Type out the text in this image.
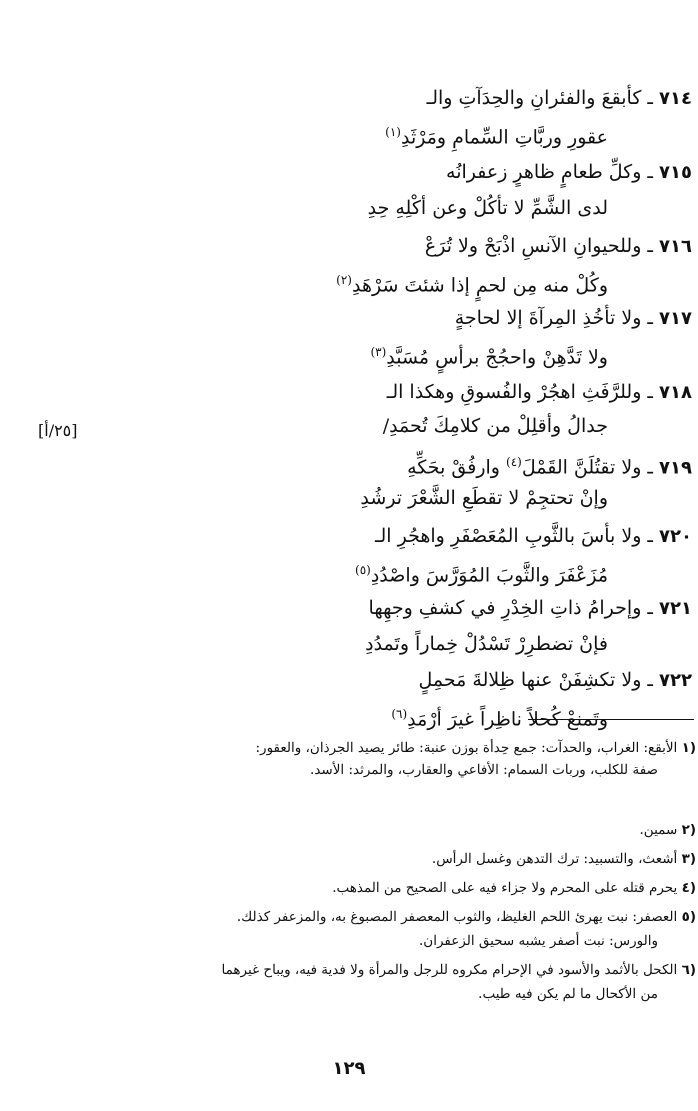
٧١٤ ـ كأبقعَ والفئرانِ والحِدَآتِ والـ
عقورِ وربَّاتِ السِّمامِ ومَرْثَدِ$^{(١)}$
٧١٥ ـ وكلِّ طعامٍ ظاهرٍ زعفرانُه
لدى الشَّمِّ لا تأكُلْ وعن أكْلِهِ حِدِ
٧١٦ ـ وللحيوانِ الآنسِ اذْبَحْ ولا تُرَعْ
وكُلْ منه مِن لحمٍ إذا شئتَ سَرْهَدِ$^{(٢)}$
٧١٧ ـ ولا تأخُذِ المِرآةَ إلا لحاجةٍ
ولا تَدَّهِنْ واحجُجْ برأسٍ مُسَبَّدِ$^{(٣)}$
٧١٨ ـ وللرَّفَثِ اهجُرْ والفُسوقِ وهكذا الـ
جدالُ وأقلِلْ من كلامِكَ تُحمَدِ/
[٢٥/أ]
٧١٩ ـ ولا تقتُلَنَّ القَمْلَ$^{(٤)}$ وارفُقْ بحَكِّهِ
وإنْ تحتجِمْ لا تقطَعِ الشَّعْرَ ترشُدِ
٧٢٠ ـ ولا بأسَ بالثَّوبِ المُعَصْفَرِ واهجُرِ الـ
مُزَعْفَرَ والثَّوبَ المُوَرَّسَ واصْدُدِ$^{(٥)}$
٧٢١ ـ وإحرامُ ذاتِ الخِدْرِ في كشفِ وجهِها
فإنْ تضطرِرْ تَسْدُلْ خِماراً وتَمدُدِ
٧٢٢ ـ ولا تكشِفَنْ عنها ظِلالةَ مَحمِلٍ
وتَمنعْ كُحلاً ناظِراً غيرَ أرْمَدِ$^{(٦)}$
(١ الأبقع: الغراب، والحدآت: جمع حِدأة بوزن عنبة: طائر يصيد الجرذان، والعقور:
صفة للكلب، وربات السمام: الأفاعي والعقارب، والمرثد: الأسد.
(٢ سمين.
(٣ أشعث، والتسبيد: ترك التدهن وغسل الرأس.
(٤ يحرم قتله على المحرم ولا جزاء فيه على الصحيح من المذهب.
(٥ العصفر: نبت يهرئ اللحم الغليظ، والثوب المعصفر المصبوغ به، والمزعفر كذلك.
والورس: نبت أصفر يشبه سحيق الزعفران.
(٦ الكحل بالأثمد والأسود في الإحرام مكروه للرجل والمرأة ولا فدية فيه، ويباح غيرهما
من الأكحال ما لم يكن فيه طيب.
١٢٩
